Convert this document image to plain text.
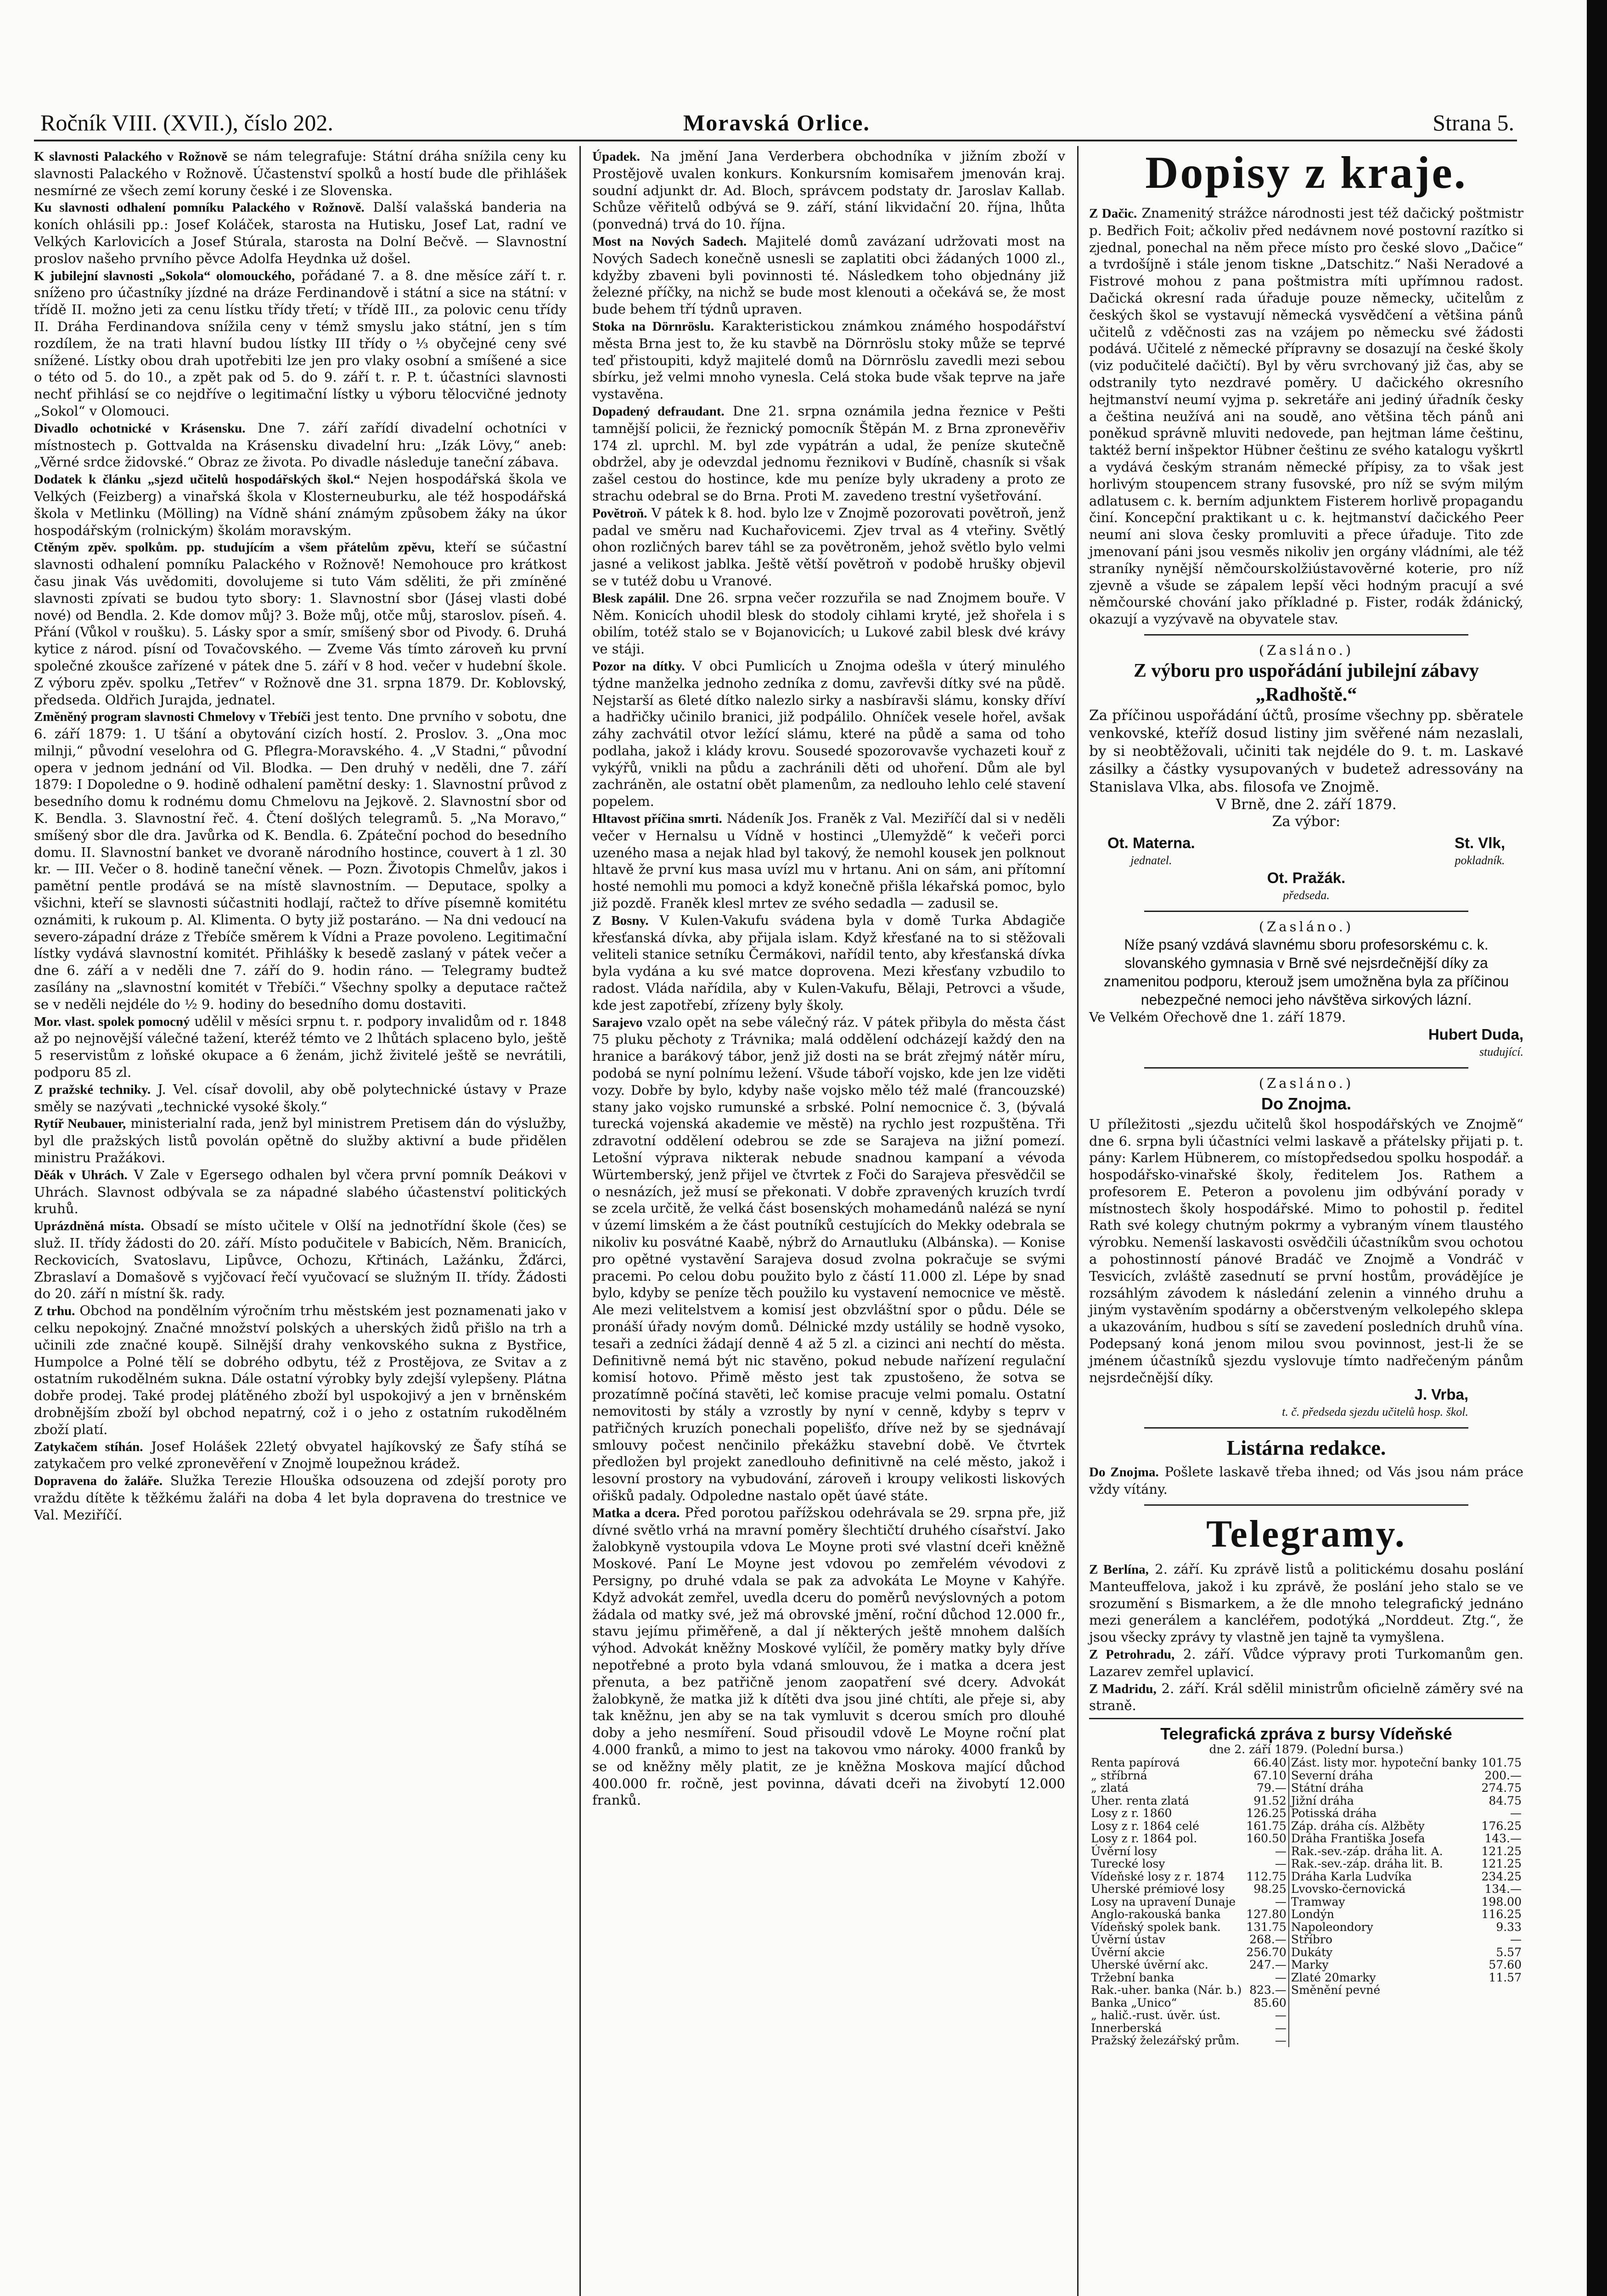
Ročník VIII. (XVII.), číslo 202.	Moravská Orlice.	Strana 5.

K slavnosti Palackého v Rožnově se nám telegrafuje: Státní dráha snížila ceny ku slavnosti Palackého v Rožnově. Účastenství spolků a hostí bude dle přihlášek nesmírné ze všech zemí koruny české i ze Slovenska.

Ku slavnosti odhalení pomníku Palackého v Rožnově. Další valašská banderia na koních ohlásili pp.: Josef Koláček, starosta na Hutisku, Josef Lat, radní ve Velkých Karlovicích a Josef Stúrala, starosta na Dolní Bečvě. — Slavnostní proslov našeho prvního pěvce Adolfa Heydnka už došel.

K jubilejní slavnosti „Sokola“ olomouckého, pořádané 7. a 8. dne měsíce září t. r. sníženo pro účastníky jízdné na dráze Ferdinandově i státní a sice na státní: v třídě II. možno jeti za cenu lístku třídy třetí; v třídě III., za polovic cenu třídy II. Dráha Ferdinandova snížila ceny v témž smyslu jako státní, jen s tím rozdílem, že na trati hlavní budou lístky III třídy o ⅓ obyčejné ceny své snížené. Lístky obou drah upotřebiti lze jen pro vlaky osobní a smíšené a sice o této od 5. do 10., a zpět pak od 5. do 9. září t. r. P. t. účastníci slavnosti nechť přihlásí se co nejdříve o legitimační lístky u výboru tělocvičné jednoty „Sokol“ v Olomouci.

Divadlo ochotnické v Krásensku. Dne 7. září zařídí divadelní ochotníci v místnostech p. Gottvalda na Krásensku divadelní hru: „Izák Lövy,“ aneb: „Věrné srdce židovské.“ Obraz ze života. Po divadle následuje taneční zábava.

Dodatek k článku „sjezd učitelů hospodářských škol.“ Nejen hospodářská škola ve Velkých (Feizberg) a vinařská škola v Klosterneuburku, ale též hospodářská škola v Metlinku (Mölling) na Vídně shání známým způsobem žáky na úkor hospodářským (rolnickým) školám moravským.

Ctěným zpěv. spolkům. pp. studujícím a všem přátelům zpěvu, kteří se súčastní slavnosti odhalení pomníku Palackého v Rožnově! Nemohouce pro krátkost času jinak Vás uvědomiti, dovolujeme si tuto Vám sděliti, že při zmíněné slavnosti zpívati se budou tyto sbory: 1. Slavnostní sbor (Jásej vlasti dobé nové) od Bendla. 2. Kde domov můj? 3. Bože můj, otče můj, staroslov. píseň. 4. Přání (Vůkol v roušku). 5. Lásky spor a smír, smíšený sbor od Pivody. 6. Druhá kytice z národ. písní od Tovačovského. — Zveme Vás tímto zároveň ku první společné zkoušce zařízené v pátek dne 5. září v 8 hod. večer v hudební škole. Z výboru zpěv. spolku „Tetřev“ v Rožnově dne 31. srpna 1879. Dr. Koblovský, předseda. Oldřich Jurajda, jednatel.

Změněný program slavnosti Chmelovy v Třebíči jest tento. Dne prvního v sobotu, dne 6. září 1879: 1. U tšání a obytování cizích hostí. 2. Proslov. 3. „Ona moc milnji,“ původní veselohra od G. Pflegra-Moravského. 4. „V Stadni,“ původní opera v jednom jednání od Vil. Blodka. — Den druhý v neděli, dne 7. září 1879: I Dopoledne o 9. hodině odhalení pamětní desky: 1. Slavnostní průvod z besedního domu k rodnému domu Chmelovu na Jejkově. 2. Slavnostní sbor od K. Bendla. 3. Slavnostní řeč. 4. Čtení došlých telegramů. 5. „Na Moravo,“ smíšený sbor dle dra. Javůrka od K. Bendla. 6. Zpáteční pochod do besedního domu. II. Slavnostní banket ve dvoraně národního hostince, couvert à 1 zl. 30 kr. — III. Večer o 8. hodině taneční věnek. — Pozn. Životopis Chmelův, jakos i pamětní pentle prodává se na místě slavnostním. — Deputace, spolky a všichni, kteří se slavnosti súčastniti hodlají, račtež to dříve písemně komitétu oznámiti, k rukoum p. Al. Klimenta. O byty již postaráno. — Na dni vedoucí na severo-západní dráze z Třebíče směrem k Vídni a Praze povoleno. Legitimační lístky vydává slavnostní komitét. Přihlášky k besedě zaslaný v pátek večer a dne 6. září a v neděli dne 7. září do 9. hodin ráno. — Telegramy budtež zasílány na „slavnostní komitét v Třebíči.“ Všechny spolky a deputace račtež se v neděli nejdéle do ½ 9. hodiny do besedního domu dostaviti.

Mor. vlast. spolek pomocný udělil v měsíci srpnu t. r. podpory invalidům od r. 1848 až po nejnovější válečné tažení, kteréž témto ve 2 lhůtách splaceno bylo, ještě 5 reservistům z loňské okupace a 6 ženám, jichž živitelé ještě se nevrátili, podporu 85 zl.

Z pražské techniky. J. Vel. císař dovolil, aby obě polytechnické ústavy v Praze směly se nazývati „technické vysoké školy.“

Rytíř Neubauer, ministerialní rada, jenž byl ministrem Pretisem dán do výslužby, byl dle pražských listů povolán opětně do služby aktivní a bude přidělen ministru Pražákovi.

Děák v Uhrách. V Zale v Egersego odhalen byl včera první pomník Deákovi v Uhrách. Slavnost odbývala se za nápadné slabého účastenství politických kruhů.

Uprázdněná místa. Obsadí se místo učitele v Olší na jednotřídní škole (čes) se služ. II. třídy žádosti do 20. září. Místo podučitele v Babicích, Něm. Branicích, Reckovicích, Svatoslavu, Lipůvce, Ochozu, Křtinách, Lažánku, Žďárci, Zbraslaví a Domašově s vyjčovací řečí vyučovací se služným II. třídy. Žádosti do 20. září n místní šk. rady.

Z trhu. Obchod na pondělním výročním trhu městském jest poznamenati jako v celku nepokojný. Značné množství polských a uherských židů přišlo na trh a učinili zde značné koupě. Silnější drahy venkovského sukna z Bystřice, Humpolce a Polné tělí se dobrého odbytu, též z Prostějova, ze Svitav a z ostatním rukodělném sukna. Dále ostatní výrobky byly zdejší vylepšeny. Plátna dobře prodej. Také prodej plátěného zboží byl uspokojivý a jen v brněnském drobnějším zboží byl obchod nepatrný, což i o jeho z ostatním rukodělném zboží platí.

Zatykačem stíhán. Josef Holášek 22letý obvyatel hajíkovský ze Šafy stíhá se zatykačem pro velké zpronevěření v Znojmě loupežnou krádež.

Dopravena do žaláře. Služka Terezie Hlouška odsouzena od zdejší poroty pro vraždu dítěte k těžkému žaláři na doba 4 let byla dopravena do trestnice ve Val. Meziříčí.

Úpadek. Na jmění Jana Verderbera obchodníka v jižním zboží v Prostějově uvalen konkurs. Konkursním komisařem jmenován kraj. soudní adjunkt dr. Ad. Bloch, správcem podstaty dr. Jaroslav Kallab. Schůze věřitelů odbývá se 9. září, stání likvidační 20. října, lhůta (ponvedná) trvá do 10. října.

Most na Nových Sadech. Majitelé domů zavázaní udržovati most na Nových Sadech konečně usnesli se zaplatiti obci žádaných 1000 zl., kdyžby zbaveni byli povinnosti té. Následkem toho objednány již železné příčky, na nichž se bude most klenouti a očekává se, že most bude behem tří týdnů upraven.

Stoka na Dörnröslu. Karakteristickou známkou známého hospodářství města Brna jest to, že ku stavbě na Dörnröslu stoky může se teprvé teď přistoupiti, když majitelé domů na Dörnröslu zavedli mezi sebou sbírku, jež velmi mnoho vynesla. Celá stoka bude však teprve na jaře vystavěna.

Dopadený defraudant. Dne 21. srpna oznámila jedna řeznice v Pešti tamnější policii, že řeznický pomocník Štěpán M. z Brna zpronevěřiv 174 zl. uprchl. M. byl zde vypátrán a udal, že peníze skutečně obdržel, aby je odevzdal jednomu řeznikovi v Budíně, chasník si však zašel cestou do hostince, kde mu peníze byly ukradeny a proto ze strachu odebral se do Brna. Proti M. zavedeno trestní vyšetřování.

Povětroň. V pátek k 8. hod. bylo lze v Znojmě pozorovati povětroň, jenž padal ve směru nad Kuchařovicemi. Zjev trval as 4 vteřiny. Světlý ohon rozličných barev táhl se za povětroněm, jehož světlo bylo velmi jasné a velikost jablka. Ještě větší povětroň v podobě hrušky objevil se v tutéž dobu u Vranové.

Blesk zapálil. Dne 26. srpna večer rozzuřila se nad Znojmem bouře. V Něm. Konicích uhodil blesk do stodoly cihlami kryté, jež shořela i s obilím, totéž stalo se v Bojanovicích; u Lukové zabil blesk dvé krávy ve stáji.

Pozor na dítky. V obci Pumlicích u Znojma odešla v úterý minulého týdne manželka jednoho zedníka z domu, zavřevši dítky své na půdě. Nejstarší as 6leté dítko nalezlo sirky a nasbíravši slámu, konsky dříví a hadřičky učinilo branici, již podpálilo. Ohníček vesele hořel, avšak záhy zachvátil otvor ležící slámu, které na půdě a sama od toho podlaha, jakož i klády krovu. Sousedé spozorovavše vychazeti kouř z vykýřů, vnikli na půdu a zachránili děti od uhoření. Dům ale byl zachráněn, ale ostatní obět plamenům, za nedlouho lehlo celé stavení popelem.

Hltavost příčina smrti. Nádeník Jos. Franěk z Val. Meziříčí dal si v neděli večer v Hernalsu u Vídně v hostinci „Ulemyždě“ k večeři porci uzeného masa a nejak hlad byl takový, že nemohl kousek jen polknout hltavě že první kus masa uvízl mu v hrtanu. Ani on sám, ani přítomní hosté nemohli mu pomoci a když konečně přišla lékařská pomoc, bylo již pozdě. Franěk klesl mrtev ze svého sedadla — zadusil se.

Z Bosny. V Kulen-Vakufu svádena byla v domě Turka Abdagiče křesťanská dívka, aby přijala islam. Když křesťané na to si stěžovali veliteli stanice setníku Čermákovi, nařídil tento, aby křesťanská dívka byla vydána a ku své matce doprovena. Mezi křesťany vzbudilo to radost. Vláda nařídila, aby v Kulen-Vakufu, Bělaji, Petrovci a všude, kde jest zapotřebí, zřízeny byly školy.

Sarajevo vzalo opět na sebe válečný ráz. V pátek přibyla do města část 75 pluku pěchoty z Trávnika; malá oddělení odcházejí každý den na hranice a barákový tábor, jenž již dosti na se brát zřejmý nátěr míru, podobá se nyní polnímu ležení. Všude táboří vojsko, kde jen lze viděti vozy. Dobře by bylo, kdyby naše vojsko mělo též malé (francouzské) stany jako vojsko rumunské a srbské. Polní nemocnice č. 3, (bývalá turecká vojenská akademie ve městě) na rychlo jest rozpuštěna. Tři zdravotní oddělení odebrou se zde se Sarajeva na jižní pomezí. Letošní výprava nikterak nebude snadnou kampaní a vévoda Würtemberský, jenž přijel ve čtvrtek z Foči do Sarajeva přesvědčil se o nesnázích, jež musí se překonati. V dobře zpravených kruzích tvrdí se zcela určitě, že velká část bosenských mohamedánů nalézá se nyní v území limském a že část poutníků cestujících do Mekky odebrala se nikoliv ku posvátné Kaabě, nýbrž do Arnautluku (Albánska). — Konise pro opětné vystavění Sarajeva dosud zvolna pokračuje se svými pracemi. Po celou dobu použito bylo z částí 11.000 zl. Lépe by snad bylo, kdyby se peníze těch použilo ku vystavení nemocnice ve městě. Ale mezi velitelstvem a komisí jest obzvláštní spor o půdu. Déle se pronáší úřady novým domů. Délnické mzdy ustálily se hodně vysoko, tesaři a zedníci žádají denně 4 až 5 zl. a cizinci ani nechtí do města. Definitivně nemá být nic stavěno, pokud nebude nařízení regulační komisí hotovo. Přimě město jest tak zpustošeno, že sotva se prozatímně počíná stavěti, leč komise pracuje velmi pomalu. Ostatní nemovitosti by stály a vzrostly by nyní v cenně, kdyby s teprv v patřičných kruzích ponechali popelišťo, dříve než by se sjednávají smlouvy počest nenčinilo překážku stavební době. Ve čtvrtek předložen byl projekt zanedlouho definitivně na celé město, jakož i lesovní prostory na vybudování, zároveň i kroupy velikosti liskových ořišků padaly. Odpoledne nastalo opět úavé státe.

Matka a dcera. Před porotou pařížskou odehrávala se 29. srpna pře, již dívné světlo vrhá na mravní poměry šlechtičtí druhého císařství. Jako žalobkyně vystoupila vdova Le Moyne proti své vlastní dceři kněžně Moskové. Paní Le Moyne jest vdovou po zemřelém vévodovi z Persigny, po druhé vdala se pak za advokáta Le Moyne v Kahýře. Když advokát zemřel, uvedla dceru do poměrů nevýslovných a potom žádala od matky své, jež má obrovské jmění, roční důchod 12.000 fr., stavu jejímu přiměřeně, a dal jí některých ještě mnohem dalších výhod. Advokát kněžny Moskové vylíčil, že poměry matky byly dříve nepotřebné a proto byla vdaná smlouvou, že i matka a dcera jest přenuta, a bez patřičně jenom zaopatření své dcery. Advokát žalobkyně, že matka již k dítěti dva jsou jiné chtíti, ale přeje si, aby tak kněžnu, jen aby se na tak vymluvit s dcerou smích pro dlouhé doby a jeho nesmíření. Soud přisoudil vdově Le Moyne roční plat 4.000 franků, a mimo to jest na takovou vmo nároky. 4000 franků by se od kněžny měly platit, ze je kněžna Moskova mající důchod 400.000 fr. ročně, jest povinna, dávati dceři na živobytí 12.000 franků.

Dopisy z kraje.

Z Dačic. Znamenitý strážce národnosti jest též dačický poštmistr p. Bedřich Foit; ačkoliv před nedávnem nové postovní razítko si zjednal, ponechal na něm přece místo pro české slovo „Dačice“ a tvrdošíjně i stále jenom tiskne „Datschitz.“ Naši Neradové a Fistrové mohou z pana poštmistra míti upřímnou radost. Dačická okresní rada úřaduje pouze německy, učitelům z českých škol se vystavují německá vysvědčení a většina pánů učitelů z vděčnosti zas na vzájem po německu své žádosti podává. Učitelé z německé přípravny se dosazují na české školy (viz podučitelé dačičtí). Byl by věru svrchovaný již čas, aby se odstranily tyto nezdravé poměry. U dačického okresního hejtmanství neumí vyjma p. sekretáře ani jediný úřadník česky a čeština neužívá ani na soudě, ano většina těch pánů ani poněkud správně mluviti nedovede, pan hejtman láme češtinu, taktéž berní inšpektor Hübner češtinu ze svého katalogu vyškrtl a vydává českým stranám německé přípisy, za to však jest horlivým stoupencem strany fusovské, pro níž se svým milým adlatusem c. k. berním adjunktem Fisterem horlivě propagandu činí. Koncepční praktikant u c. k. hejtmanství dačického Peer neumí ani slova česky promluviti a přece úřaduje. Tito zde jmenovaní páni jsou vesměs nikoliv jen orgány vládními, ale též straníky nynější němčourskolžiústavověrné koterie, pro níž zjevně a všude se zápalem lepší věci hodným pracují a své němčourské chování jako příkladné p. Fister, rodák ždánický, okazují a vyzývavě na obyvatele stav.

(Zasláno.)

Z výboru pro uspořádání jubilejní zábavy „Radhoště.“

Za příčinou uspořádání účtů, prosíme všechny pp. sběratele venkovské, kteříž dosud listiny jim svěřené nám nezaslali, by si neobtěžovali, učiniti tak nejdéle do 9. t. m. Laskavé zásilky a částky vysupovaných v budetež adressovány na Stanislava Vlka, abs. filosofa ve Znojmě.

V Brně, dne 2. září 1879.

Za výbor:

Ot. Materna.
jednatel.
St. Vlk,
pokladník.
Ot. Pražák.
předseda.

(Zasláno.)

Níže psaný vzdává slavnému sboru profesorskému c. k. slovanského gymnasia v Brně své nejsrdečnější díky za znamenitou podporu, kterouž jsem umožněna byla za příčinou nebezpečné nemoci jeho návštěva sirkových lázní.

Ve Velkém Ořechově dne 1. září 1879.

Hubert Duda,
studující.

(Zasláno.)

Do Znojma.

U příležitosti „sjezdu učitelů škol hospodářských ve Znojmě“ dne 6. srpna byli účastníci velmi laskavě a přátelsky přijati p. t. pány: Karlem Hübnerem, co místopředsedou spolku hospodář. a hospodářsko-vinařské školy, ředitelem Jos. Rathem a profesorem E. Peteron a povolenu jim odbývání porady v místnostech školy hospodářské. Mimo to pohostil p. ředitel Rath své kolegy chutným pokrmy a vybraným vínem tlaustého výrobku. Nemenší laskavosti osvědčili účastníkům svou ochotou a pohostinností pánové Bradáč ve Znojmě a Vondráč v Tesvicích, zvláště zasednutí se první hostům, provádějíce je rozsáhlým závodem k následání zelenin a vinného druhu a jiným vystavěním spodárny a občerstveným velkolepého sklepa a ukazováním, hudbou s sítí se zavedení posledních druhů vína. Podepsaný koná jenom milou svou povinnost, jest-li že se jménem účastníků sjezdu vyslovuje tímto nadřečeným pánům nejsrdečnější díky.

J. Vrba,
t. č. předseda sjezdu učitelů hosp. škol.

Listárna redakce.

Do Znojma. Pošlete laskavě třeba ihned; od Vás jsou nám práce vždy vítány.

Telegramy.

Z Berlína, 2. září. Ku zprávě listů a politickému dosahu poslání Manteuffelova, jakož i ku zprávě, že poslání jeho stalo se ve srozumění s Bismarkem, a že dle mnoho telegrafický jednáno mezi generálem a kancléřem, podotýká „Norddeut. Ztg.“, že jsou všecky zprávy ty vlastně jen tajně ta vymyšlena.

Z Petrohradu, 2. září. Vůdce výpravy proti Turkomanům gen. Lazarev zemřel uplavicí.

Z Madridu, 2. září. Král sdělil ministrům oficielně záměry své na straně.

Telegrafická zpráva z bursy Vídeňské

dne 2. září 1879. (Polední bursa.)

Renta papírová	66.40	Zást. listy mor. hypoteční banky	101.75
„ stříbrná	67.10	Severní dráha	200.—
„ zlatá	79.—	Státní dráha	274.75
Uher. renta zlatá	91.52	Jižní dráha	84.75
Losy z r. 1860	126.25	Potisská dráha	—
Losy z r. 1864 celé	161.75	Záp. dráha cís. Alžběty	176.25
Losy z r. 1864 pol.	160.50	Dráha Františka Josefa	143.—
Úvěrní losy	—	Rak.-sev.-záp. dráha lit. A.	121.25
Turecké losy	—	Rak.-sev.-záp. dráha lit. B.	121.25
Vídeňské losy z r. 1874	112.75	Dráha Karla Ludvíka	234.25
Uherské prémiové losy	98.25	Lvovsko-černovická	134.—
Losy na upravení Dunaje	—	Tramway	198.00
Anglo-rakouská banka	127.80	Londýn	116.25
Vídeňský spolek bank.	131.75	Napoleondory	9.33
Úvěrní ústav	268.—	Stříbro	—
Úvěrní akcie	256.70	Dukáty	5.57
Uherské úvěrní akc.	247.—	Marky	57.60
Tržební banka	—	Zlaté 20marky	11.57
Rak.-uher. banka (Nár. b.)	823.—	Směnění pevné	
Banka „Unico“	85.60		
„ halič.-rust. úvěr. úst.	—		
Innerberská	—		
Pražský železářský prům.	—		
